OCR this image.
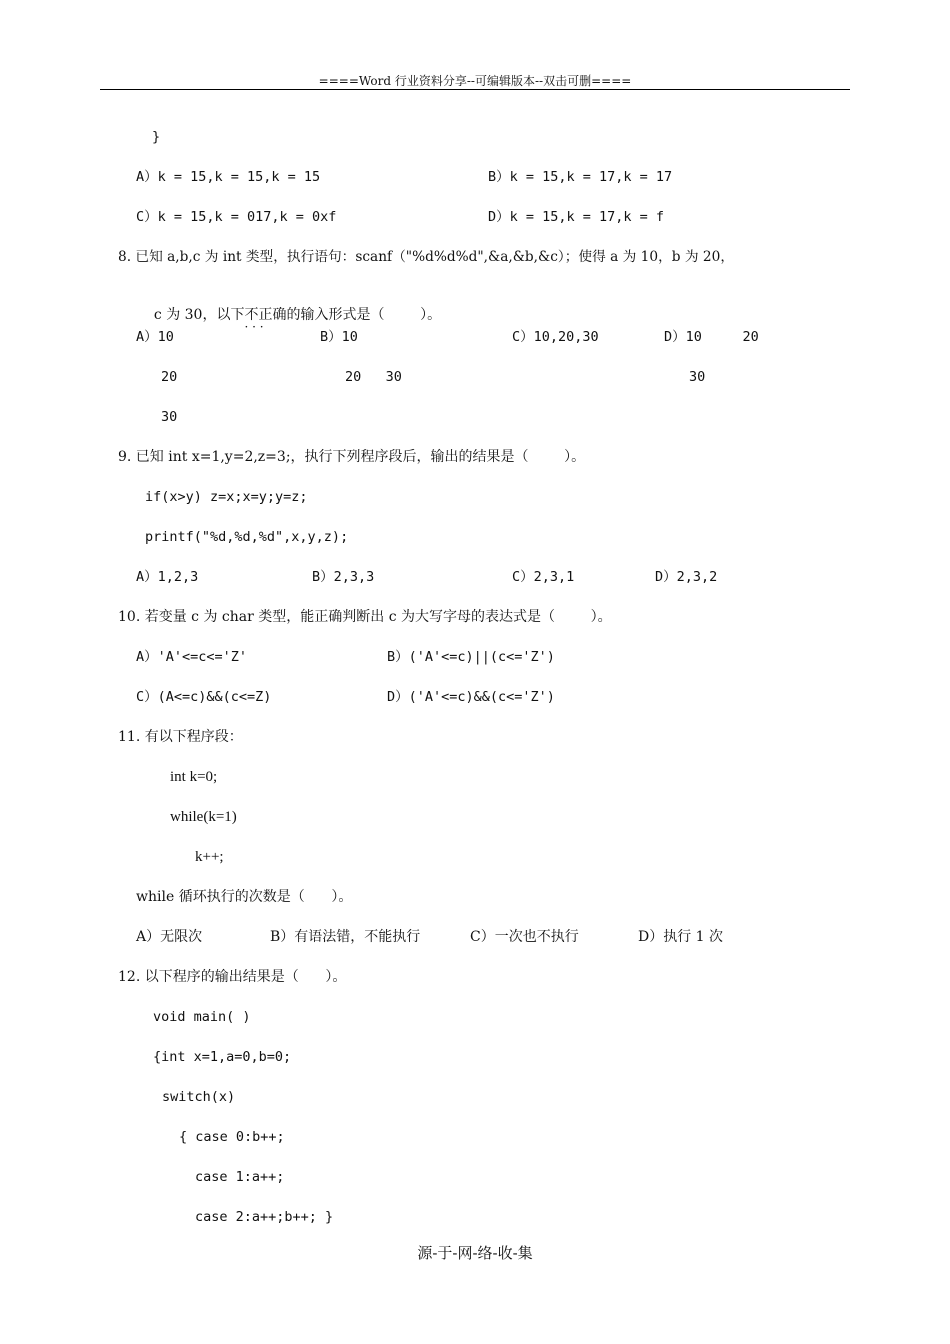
====Word 行业资料分享--可编辑版本--双击可删====
}
A）k = 15,k = 15,k = 15	B）k = 15,k = 17,k = 17
C）k = 15,k = 017,k = 0xf	D）k = 15,k = 17,k = f
8. 已知 a,b,c 为 int 类型，执行语句：scanf（"%d%d%d",&a,&b,&c）；使得 a 为 10，b 为 20，

c 为 30，以下不正确 · · ·的输入形式是（        ）。

A）10	B）10	C）10,20,30	D）10     20
20	20   30	30
30
9. 已知 int x=1,y=2,z=3;，执行下列程序段后，输出的结果是（        ）。
if(x>y) z=x;x=y;y=z;
printf("%d,%d,%d",x,y,z);
A）1,2,3	B）2,3,3	C）2,3,1	D）2,3,2
10. 若变量 c 为 char 类型，能正确判断出 c 为大写字母的表达式是（        ）。
A）'A'<=c<='Z'	B）('A'<=c)||(c<='Z')
C）(A<=c)&&(c<=Z)	D）('A'<=c)&&(c<='Z')
11. 有以下程序段：
int k=0;
while(k=1)
k++;
while 循环执行的次数是（      ）。
A）无限次	B）有语法错，不能执行	C）一次也不执行	D）执行 1 次
12. 以下程序的输出结果是（      ）。
void main( )
{int x=1,a=0,b=0;
switch(x)
{ case 0:b++;
case 1:a++;
case 2:a++;b++; }
源-于-网-络-收-集
